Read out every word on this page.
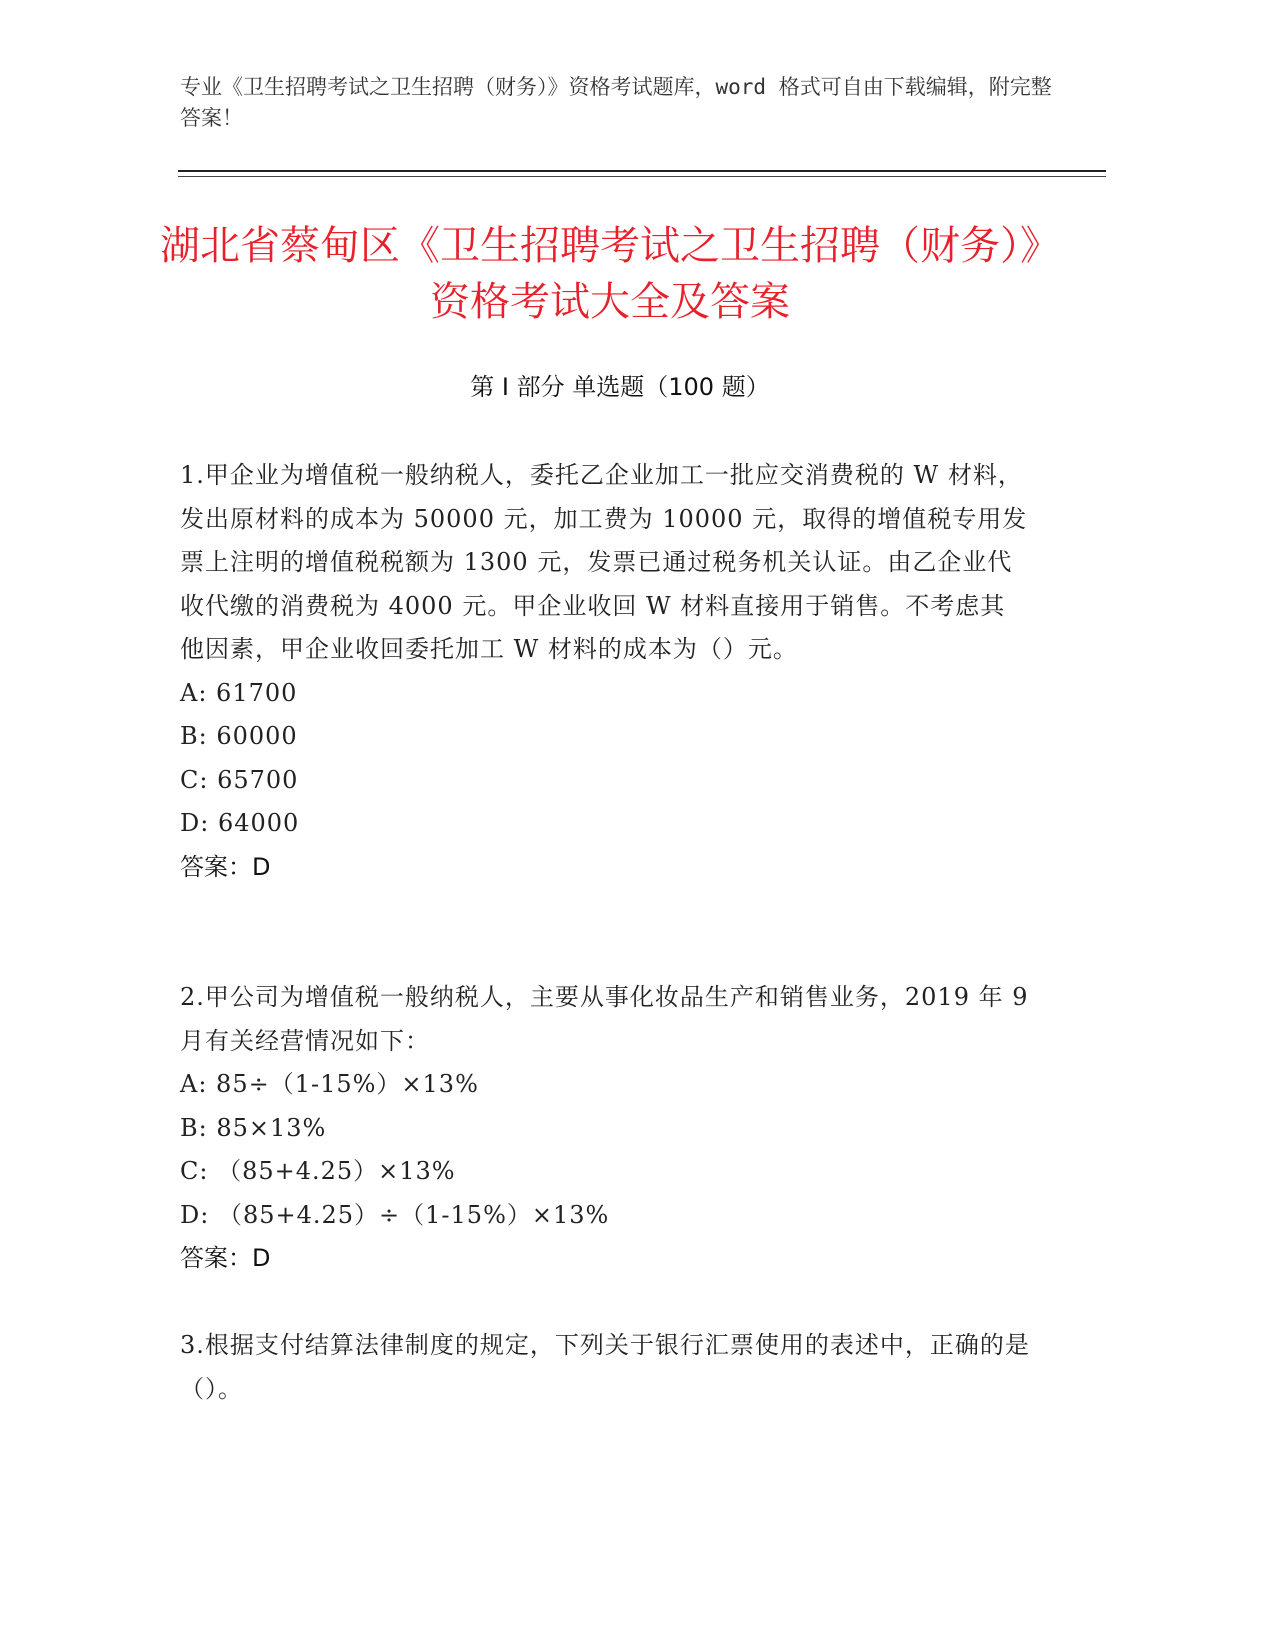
专业《卫生招聘考试之卫生招聘（财务）》资格考试题库，word 格式可自由下载编辑，附完整答案！
湖北省蔡甸区《卫生招聘考试之卫生招聘（财务）》资格考试大全及答案
第 I 部分 单选题（100 题）

1.甲企业为增值税一般纳税人，委托乙企业加工一批应交消费税的 W 材料，发出原材料的成本为 50000 元，加工费为 10000 元，取得的增值税专用发票上注明的增值税税额为 1300 元，发票已通过税务机关认证。由乙企业代收代缴的消费税为 4000 元。甲企业收回 W 材料直接用于销售。不考虑其他因素，甲企业收回委托加工 W 材料的成本为（）元。

A: 61700

B: 60000

C: 65700

D: 64000

答案：D

2.甲公司为增值税一般纳税人，主要从事化妆品生产和销售业务，2019 年 9 月有关经营情况如下：

A: 85÷（1-15%）×13%

B: 85×13%

C: （85+4.25）×13%

D: （85+4.25）÷（1-15%）×13%

答案：D

3.根据支付结算法律制度的规定，下列关于银行汇票使用的表述中，正确的是（）。
